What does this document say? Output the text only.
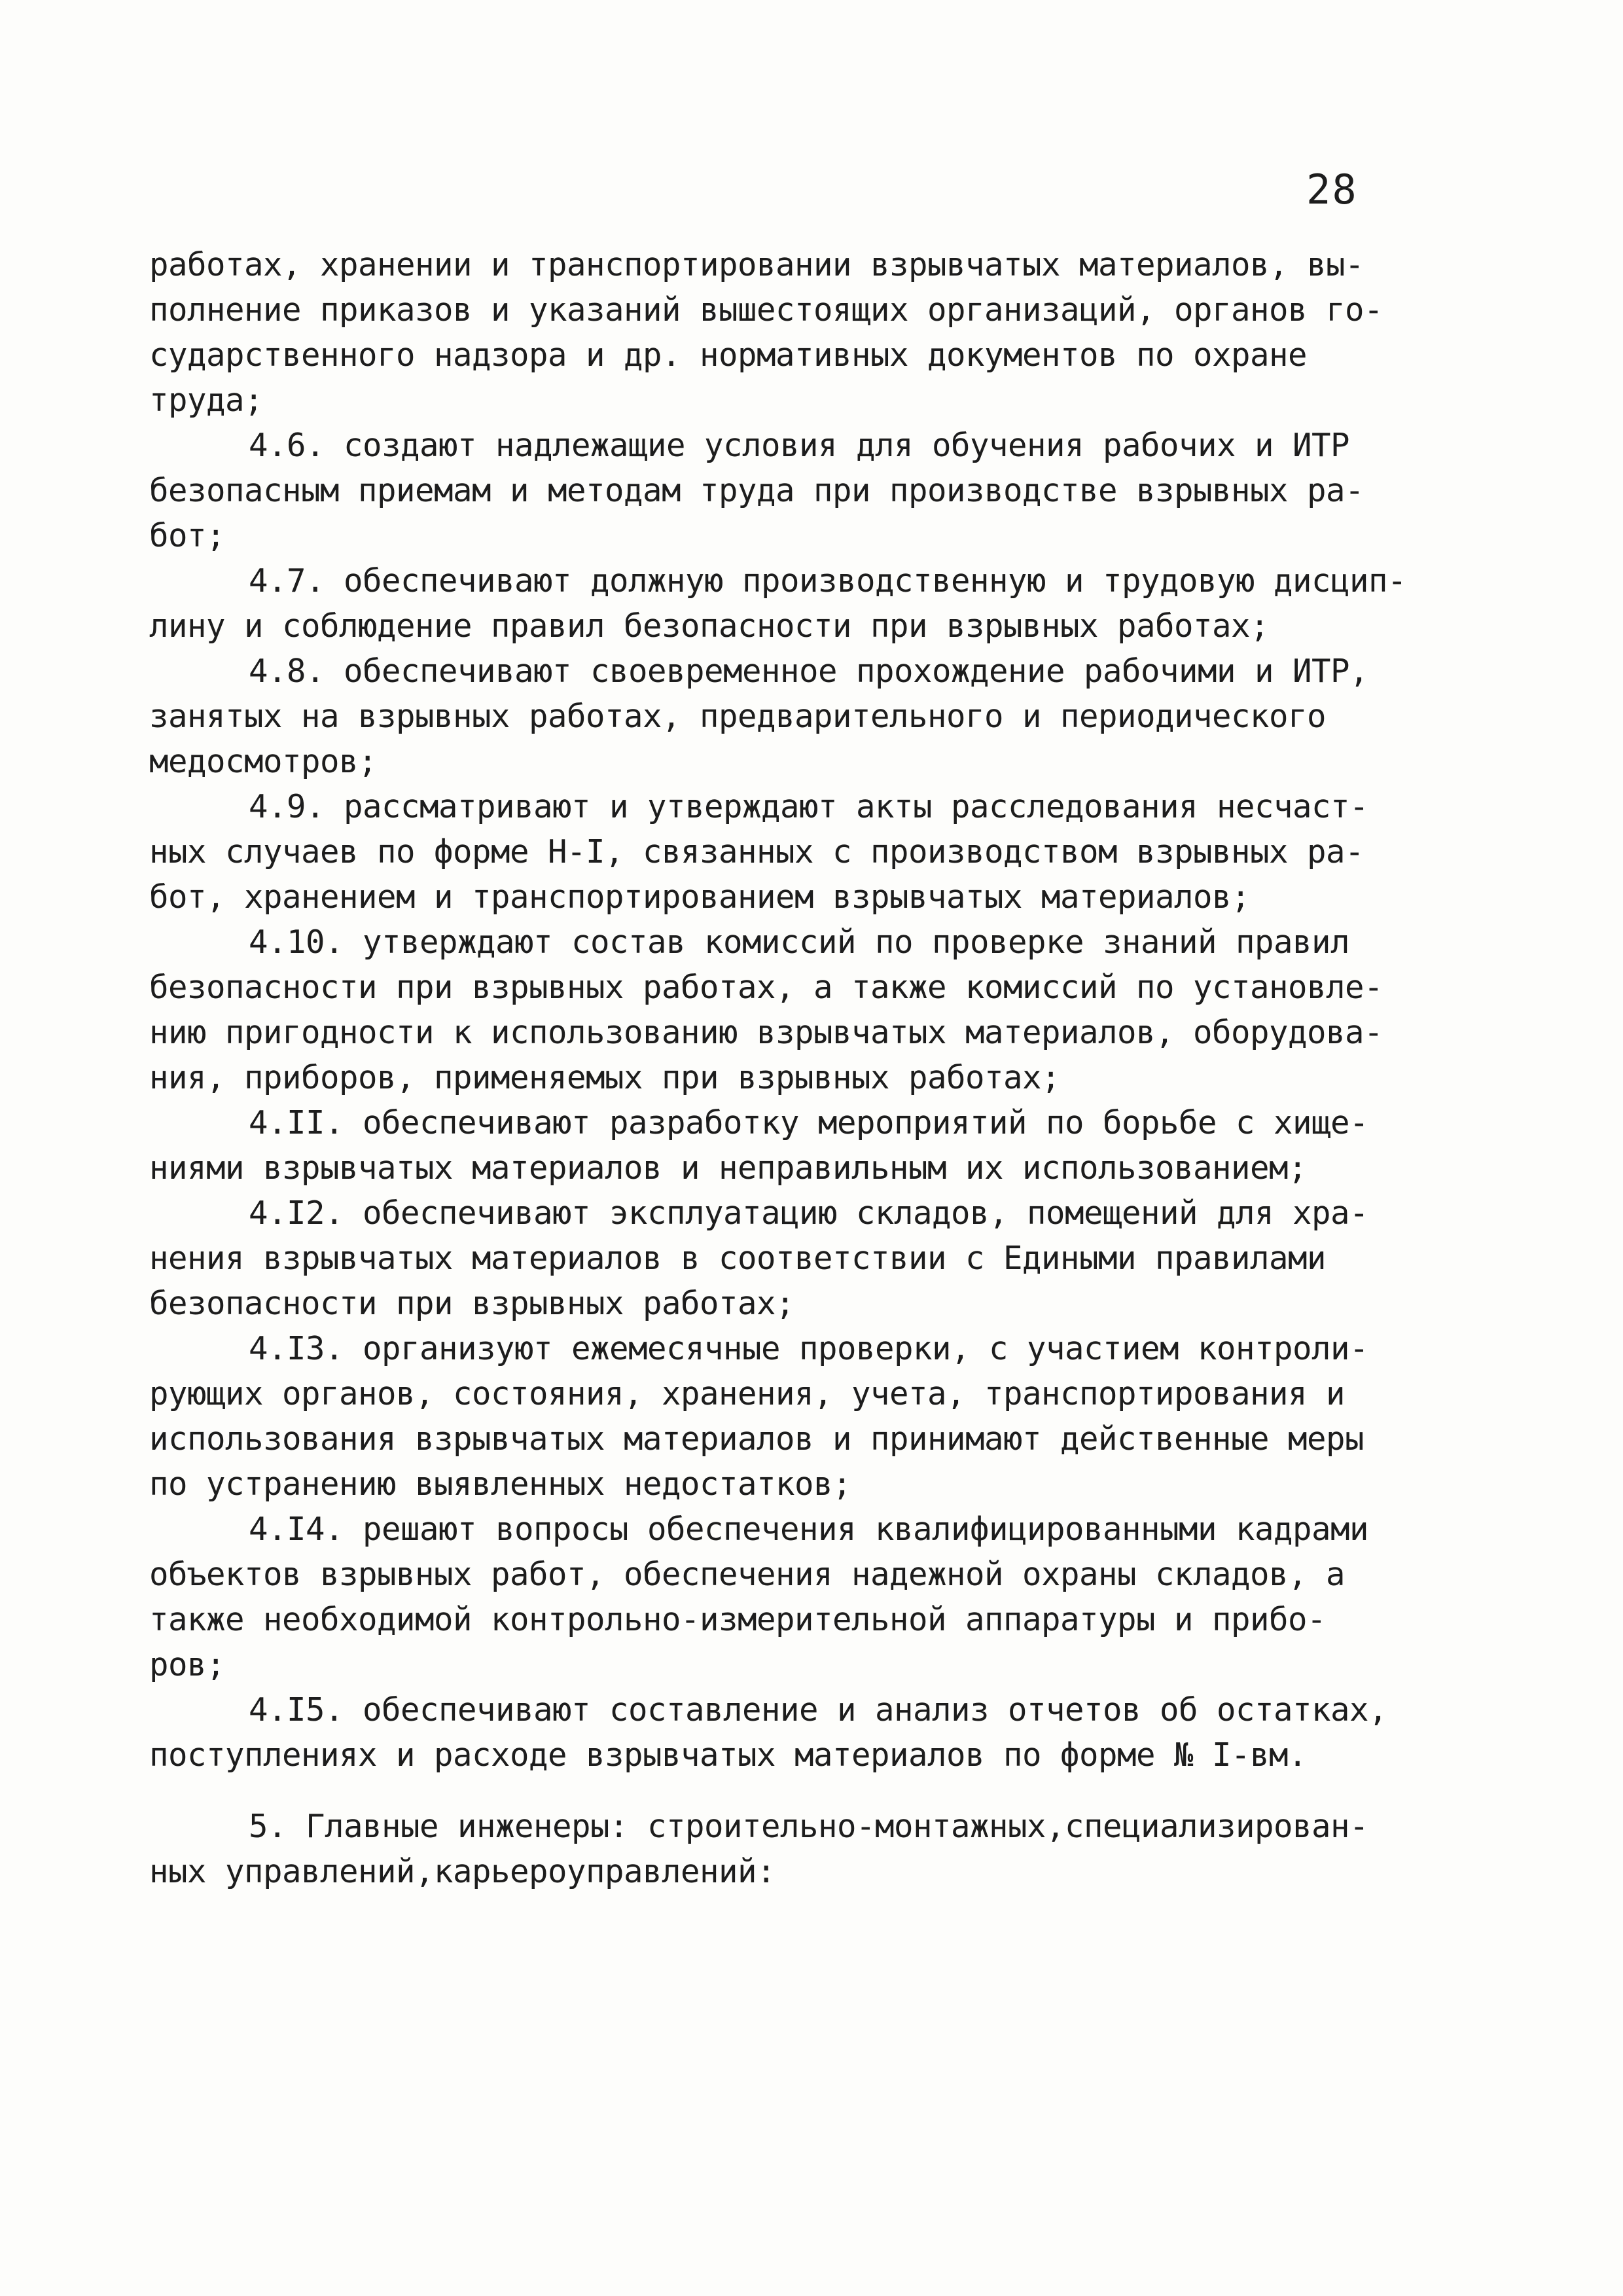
28
работах, хранении и транспортировании взрывчатых материалов, вы-
полнение приказов и указаний вышестоящих организаций, органов го-
сударственного надзора и др. нормативных документов по охране
труда;
4.6. создают надлежащие условия для обучения рабочих и ИТР
безопасным приемам и методам труда при производстве взрывных ра-
бот;
4.7. обеспечивают должную производственную и трудовую дисцип-
лину и соблюдение правил безопасности при взрывных работах;
4.8. обеспечивают своевременное прохождение рабочими и ИТР,
занятых на взрывных работах, предварительного и периодического
медосмотров;
4.9. рассматривают и утверждают акты расследования несчаст-
ных случаев по форме Н-I, связанных с производством взрывных ра-
бот, хранением и транспортированием взрывчатых материалов;
4.10. утверждают состав комиссий по проверке знаний правил
безопасности при взрывных работах, а также комиссий по установле-
нию пригодности к использованию взрывчатых материалов, оборудова-
ния, приборов, применяемых при взрывных работах;
4.II. обеспечивают разработку мероприятий по борьбе с хище-
ниями взрывчатых материалов и неправильным их использованием;
4.I2. обеспечивают эксплуатацию складов, помещений для хра-
нения взрывчатых материалов в соответствии с Едиными правилами
безопасности при взрывных работах;
4.I3. организуют ежемесячные проверки, с участием контроли-
рующих органов, состояния, хранения, учета, транспортирования и
использования взрывчатых материалов и принимают действенные меры
по устранению выявленных недостатков;
4.I4. решают вопросы обеспечения квалифицированными кадрами
объектов взрывных работ, обеспечения надежной охраны складов, а
также необходимой контрольно-измерительной аппаратуры и прибо-
ров;
4.I5. обеспечивают составление и анализ отчетов об остатках,
поступлениях и расходе взрывчатых материалов по форме № I-вм.
5. Главные инженеры: строительно-монтажных,специализирован-
ных управлений,карьероуправлений:
